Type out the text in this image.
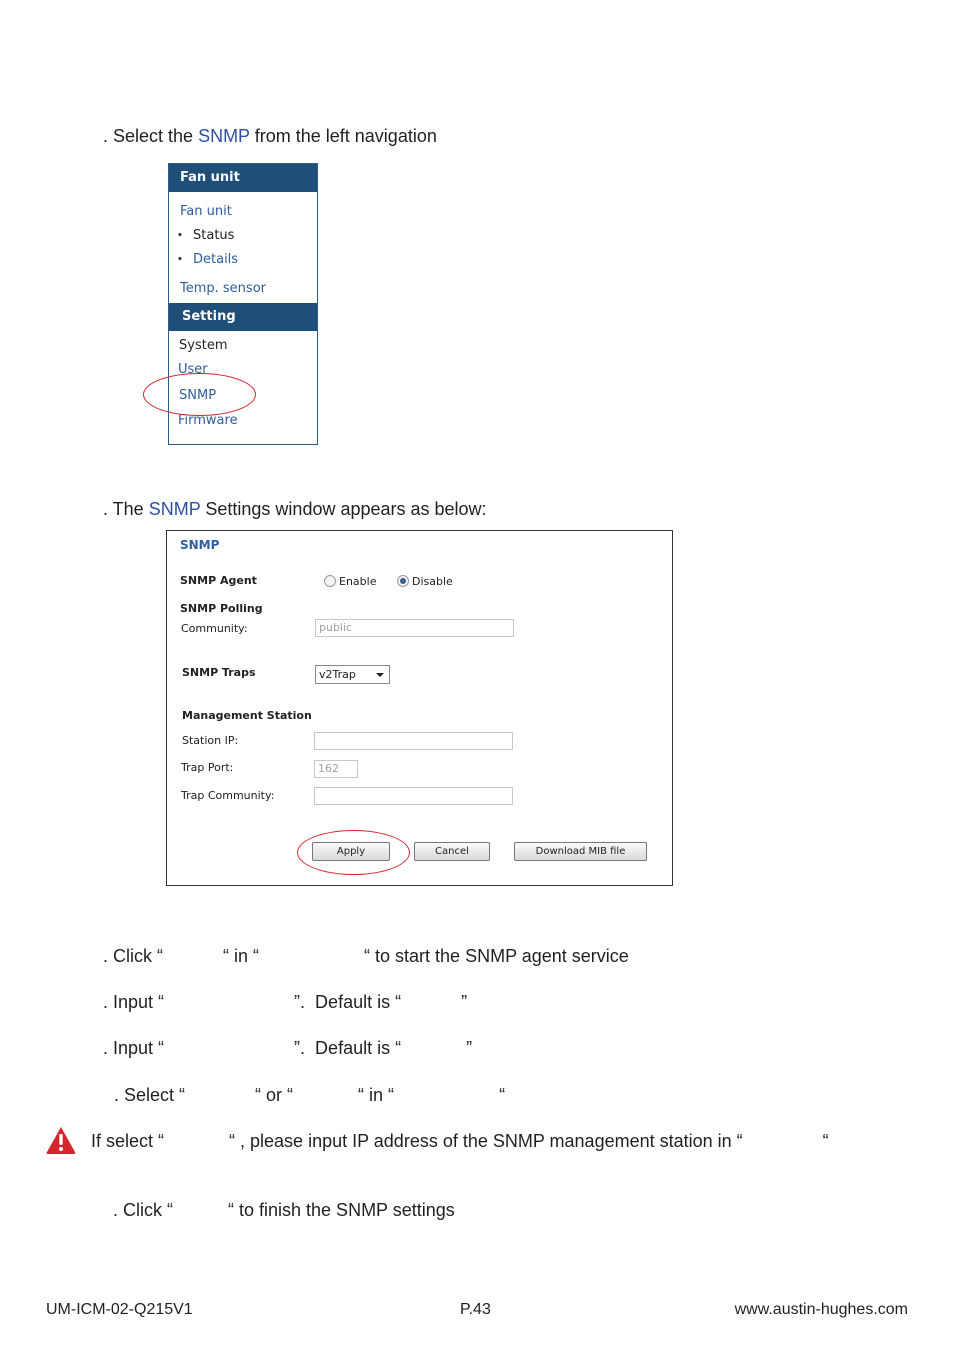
. Select the SNMP from the left navigation
Fan unit
Fan unit
• Status
• Details
Temp. sensor
Setting
System
User
SNMP
Firmware
. The SNMP Settings window appears as below:
SNMP
SNMP Agent	Enable	Disable
SNMP Polling
Community:	public
SNMP Traps	v2Trap
Management Station
Station IP:
Trap Port:	162
Trap Community:
Apply	Cancel	Download MIB file
. Click “            “ in “                     “ to start the SNMP agent service
. Input “                          ”.  Default is “            ”
. Input “                          ”.  Default is “             ”
. Select “              “ or “             “ in “                     “
If select “             “ , please input IP address of the SNMP management station in “                “
. Click “           “ to finish the SNMP settings
UM-ICM-02-Q215V1	P.43	www.austin-hughes.com
